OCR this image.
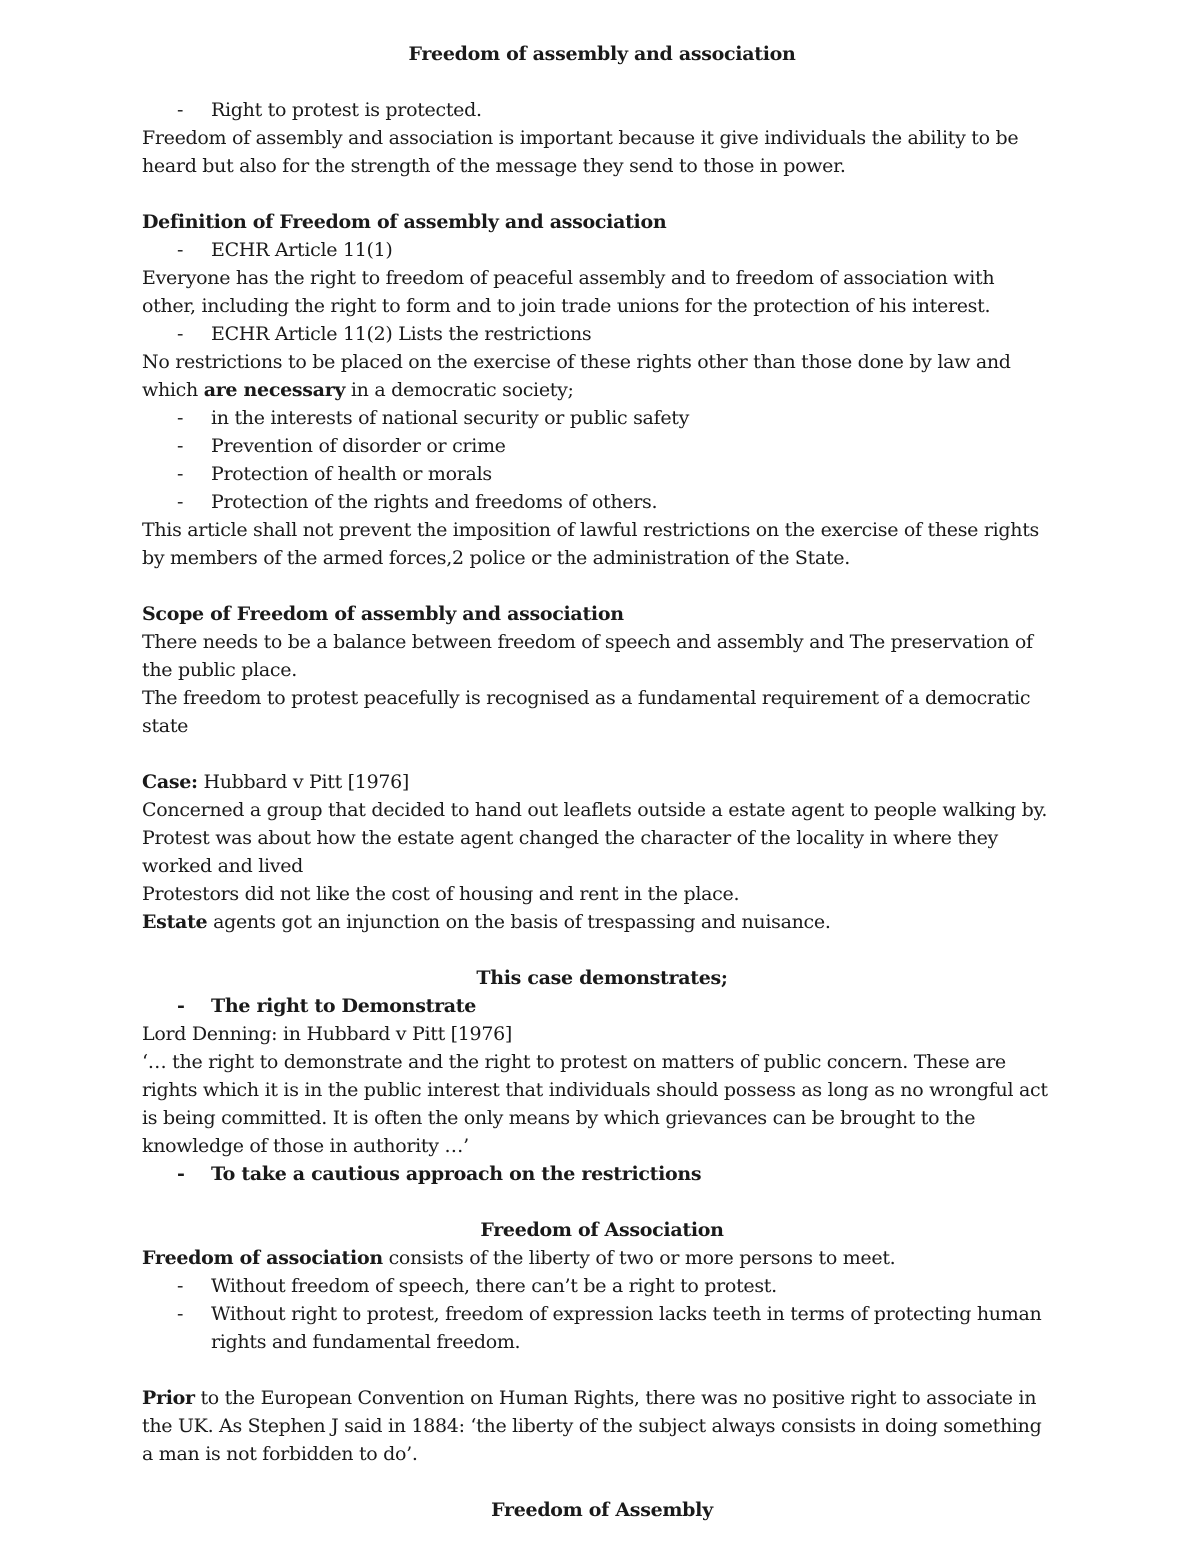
Freedom of assembly and association
- Right to protest is protected.
Freedom of assembly and association is important because it give individuals the ability to be
heard but also for the strength of the message they send to those in power.
Definition of Freedom of assembly and association
- ECHR Article 11(1)
Everyone has the right to freedom of peaceful assembly and to freedom of association with
other, including the right to form and to join trade unions for the protection of his interest.
- ECHR Article 11(2) Lists the restrictions
No restrictions to be placed on the exercise of these rights other than those done by law and
which are necessary in a democratic society;
- in the interests of national security or public safety
- Prevention of disorder or crime
- Protection of health or morals
- Protection of the rights and freedoms of others.
This article shall not prevent the imposition of lawful restrictions on the exercise of these rights
by members of the armed forces,2 police or the administration of the State.
Scope of Freedom of assembly and association
There needs to be a balance between freedom of speech and assembly and The preservation of
the public place.
The freedom to protest peacefully is recognised as a fundamental requirement of a democratic
state
Case: Hubbard v Pitt [1976]
Concerned a group that decided to hand out leaflets outside a estate agent to people walking by.
Protest was about how the estate agent changed the character of the locality in where they
worked and lived
Protestors did not like the cost of housing and rent in the place.
Estate agents got an injunction on the basis of trespassing and nuisance.
This case demonstrates;
- The right to Demonstrate
Lord Denning: in Hubbard v Pitt [1976]
‘… the right to demonstrate and the right to protest on matters of public concern. These are
rights which it is in the public interest that individuals should possess as long as no wrongful act
is being committed. It is often the only means by which grievances can be brought to the
knowledge of those in authority …’
- To take a cautious approach on the restrictions
Freedom of Association
Freedom of association consists of the liberty of two or more persons to meet.
- Without freedom of speech, there can’t be a right to protest.
- Without right to protest, freedom of expression lacks teeth in terms of protecting human
rights and fundamental freedom.
Prior to the European Convention on Human Rights, there was no positive right to associate in
the UK. As Stephen J said in 1884: ‘the liberty of the subject always consists in doing something
a man is not forbidden to do’.
Freedom of Assembly
